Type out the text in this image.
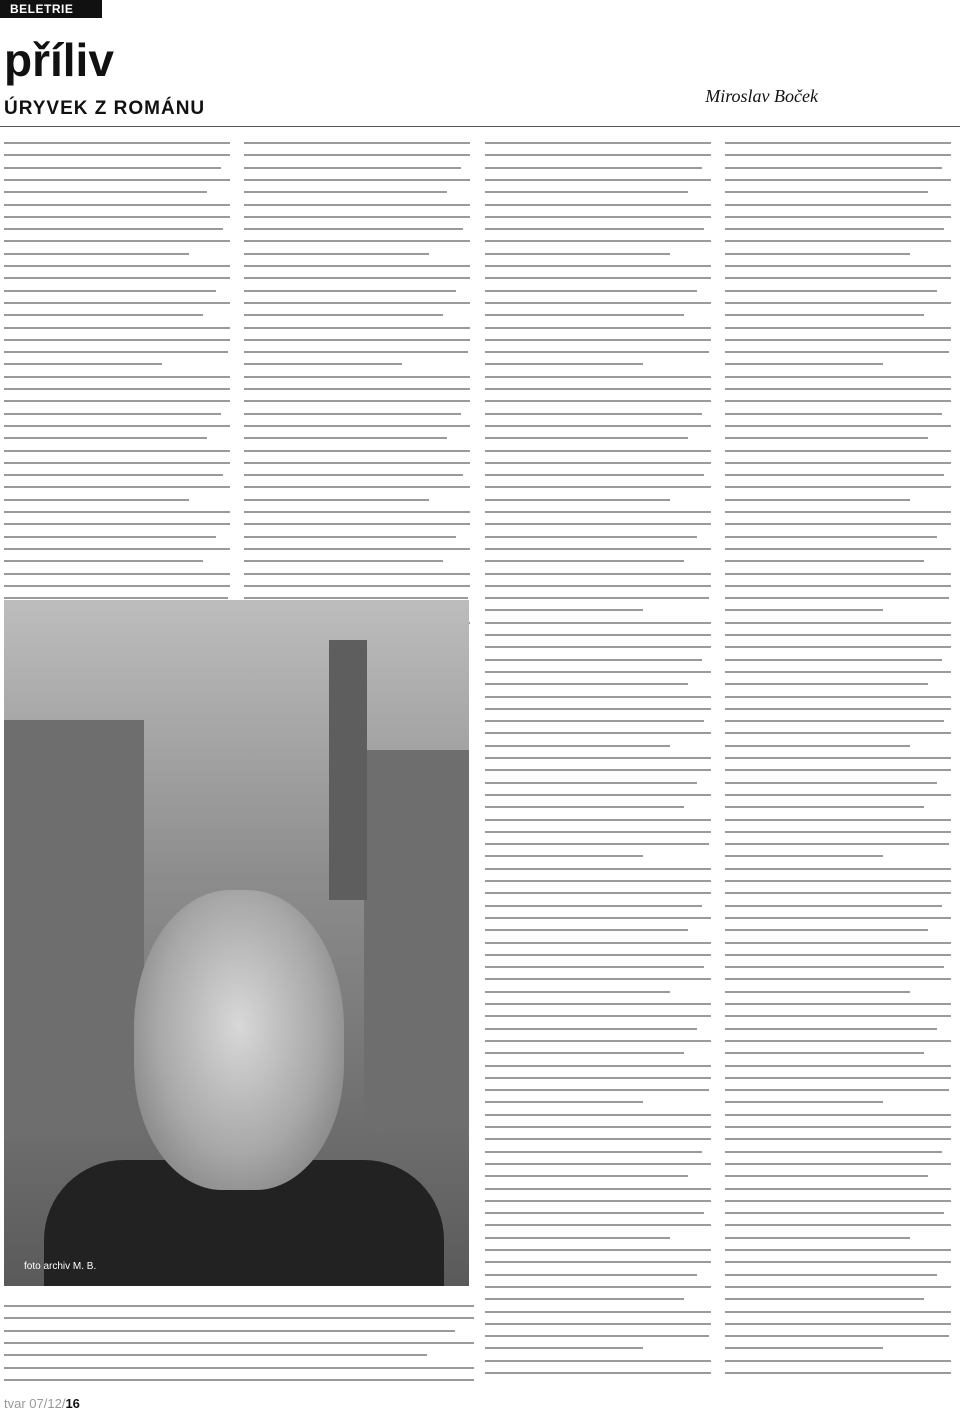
BELETRIE
příliv
ÚRYVEK Z ROMÁNU
Miroslav Boček
foto archiv M. B.
tvar 07/12/16
